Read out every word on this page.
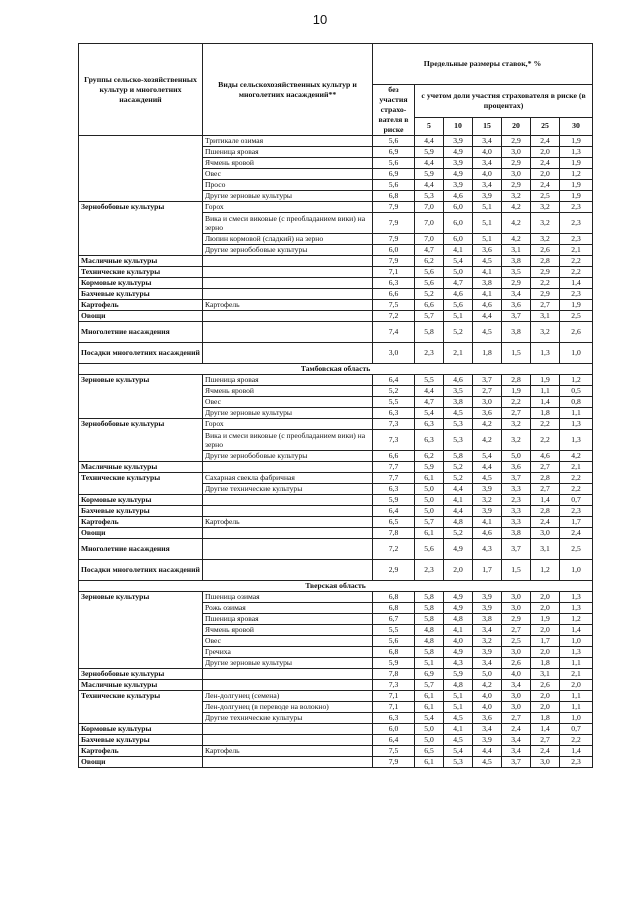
10
Группы сельско-хозяйственных культур и многолетних насаждений	Виды сельскохозяйственных культур и многолетних насаждений**	Предельные размеры ставок,* %						
		без участия страхо-вателя в риске	с учетом доли участия страхователя в риске (в процентах)					
			5	10	15	20	25	30
	Тритикале озимая	5,6	4,4	3,9	3,4	2,9	2,4	1,9
	Пшеница яровая	6,9	5,9	4,9	4,0	3,0	2,0	1,3
	Ячмень яровой	5,6	4,4	3,9	3,4	2,9	2,4	1,9
	Овес	6,9	5,9	4,9	4,0	3,0	2,0	1,2
	Просо	5,6	4,4	3,9	3,4	2,9	2,4	1,9
	Другие зерновые культуры	6,8	5,3	4,6	3,9	3,2	2,5	1,9
Зернобобовые культуры	Горох	7,9	7,0	6,0	5,1	4,2	3,2	2,3
	Вика и смеси виковые (с преобладанием вики) на зерно	7,9	7,0	6,0	5,1	4,2	3,2	2,3
	Люпин кормовой (сладкий) на зерно	7,9	7,0	6,0	5,1	4,2	3,2	2,3
	Другие зернобобовые культуры	6,0	4,7	4,1	3,6	3,1	2,6	2,1
Масличные культуры		7,9	6,2	5,4	4,5	3,8	2,8	2,2
Технические культуры		7,1	5,6	5,0	4,1	3,5	2,9	2,2
Кормовые культуры		6,3	5,6	4,7	3,8	2,9	2,2	1,4
Бахчевые культуры		6,6	5,2	4,6	4,1	3,4	2,9	2,3
Картофель	Картофель	7,5	6,6	5,6	4,6	3,6	2,7	1,9
Овощи		7,2	5,7	5,1	4,4	3,7	3,1	2,5
Многолетние насаждения		7,4	5,8	5,2	4,5	3,8	3,2	2,6
Посадки многолетних насаждений		3,0	2,3	2,1	1,8	1,5	1,3	1,0
Тамбовская область								
Зерновые культуры	Пшеница яровая	6,4	5,5	4,6	3,7	2,8	1,9	1,2
	Ячмень яровой	5,2	4,4	3,5	2,7	1,9	1,1	0,5
	Овес	5,5	4,7	3,8	3,0	2,2	1,4	0,8
	Другие зерновые культуры	6,3	5,4	4,5	3,6	2,7	1,8	1,1
Зернобобовые культуры	Горох	7,3	6,3	5,3	4,2	3,2	2,2	1,3
	Вика и смеси виковые (с преобладанием вики) на зерно	7,3	6,3	5,3	4,2	3,2	2,2	1,3
	Другие зернобобовые культуры	6,6	6,2	5,8	5,4	5,0	4,6	4,2
Масличные культуры		7,7	5,9	5,2	4,4	3,6	2,7	2,1
Технические культуры	Сахарная свекла фабричная	7,7	6,1	5,2	4,5	3,7	2,8	2,2
	Другие технические культуры	6,3	5,0	4,4	3,9	3,3	2,7	2,2
Кормовые культуры		5,9	5,0	4,1	3,2	2,3	1,4	0,7
Бахчевые культуры		6,4	5,0	4,4	3,9	3,3	2,8	2,3
Картофель	Картофель	6,5	5,7	4,8	4,1	3,3	2,4	1,7
Овощи		7,8	6,1	5,2	4,6	3,8	3,0	2,4
Многолетние насаждения		7,2	5,6	4,9	4,3	3,7	3,1	2,5
Посадки многолетних насаждений		2,9	2,3	2,0	1,7	1,5	1,2	1,0
Тверская область								
Зерновые культуры	Пшеница озимая	6,8	5,8	4,9	3,9	3,0	2,0	1,3
	Рожь озимая	6,8	5,8	4,9	3,9	3,0	2,0	1,3
	Пшеница яровая	6,7	5,8	4,8	3,8	2,9	1,9	1,2
	Ячмень яровой	5,5	4,8	4,1	3,4	2,7	2,0	1,4
	Овес	5,6	4,8	4,0	3,2	2,5	1,7	1,0
	Гречиха	6,8	5,8	4,9	3,9	3,0	2,0	1,3
	Другие зерновые культуры	5,9	5,1	4,3	3,4	2,6	1,8	1,1
Зернобобовые культуры		7,8	6,9	5,9	5,0	4,0	3,1	2,1
Масличные культуры		7,3	5,7	4,8	4,2	3,4	2,6	2,0
Технические культуры	Лен-долгунец (семена)	7,1	6,1	5,1	4,0	3,0	2,0	1,1
	Лен-долгунец (в переводе на волокно)	7,1	6,1	5,1	4,0	3,0	2,0	1,1
	Другие технические культуры	6,3	5,4	4,5	3,6	2,7	1,8	1,0
Кормовые культуры		6,0	5,0	4,1	3,4	2,4	1,4	0,7
Бахчевые культуры		6,4	5,0	4,5	3,9	3,4	2,7	2,2
Картофель	Картофель	7,5	6,5	5,4	4,4	3,4	2,4	1,4
Овощи		7,9	6,1	5,3	4,5	3,7	3,0	2,3
